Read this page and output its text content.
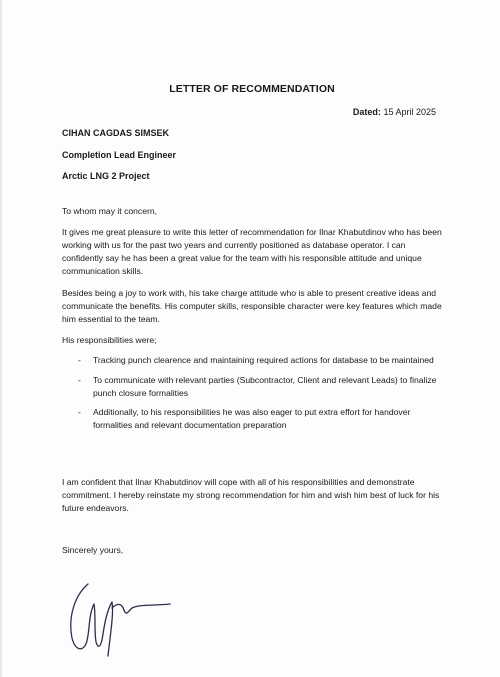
LETTER OF RECOMMENDATION
Dated: 15 April 2025
CIHAN CAGDAS SIMSEK
Completion Lead Engineer
Arctic LNG 2 Project
To whom may it concern,
It gives me great pleasure to write this letter of recommendation for Ilnar Khabutdinov who has been working with us for the past two years and currently positioned as database operator. I can confidently say he has been a great value for the team with his responsible attitude and unique communication skills.
Besides being a joy to work with, his take charge attitude who is able to present creative ideas and communicate the benefits. His computer skills, responsible character were key features which made him essential to the team.
His responsibilities were;
- Tracking punch clearence and maintaining required actions for database to be maintained
- To communicate with relevant parties (Subcontractor, Client and relevant Leads) to finalize punch closure formalities
- Additionally, to his responsibilities he was also eager to put extra effort for handover formalities and relevant documentation preparation
I am confident that Ilnar Khabutdinov will cope with all of his responsibilities and demonstrate commitment. I hereby reinstate my strong recommendation for him and wish him best of luck for his future endeavors.
Sincerely yours,
